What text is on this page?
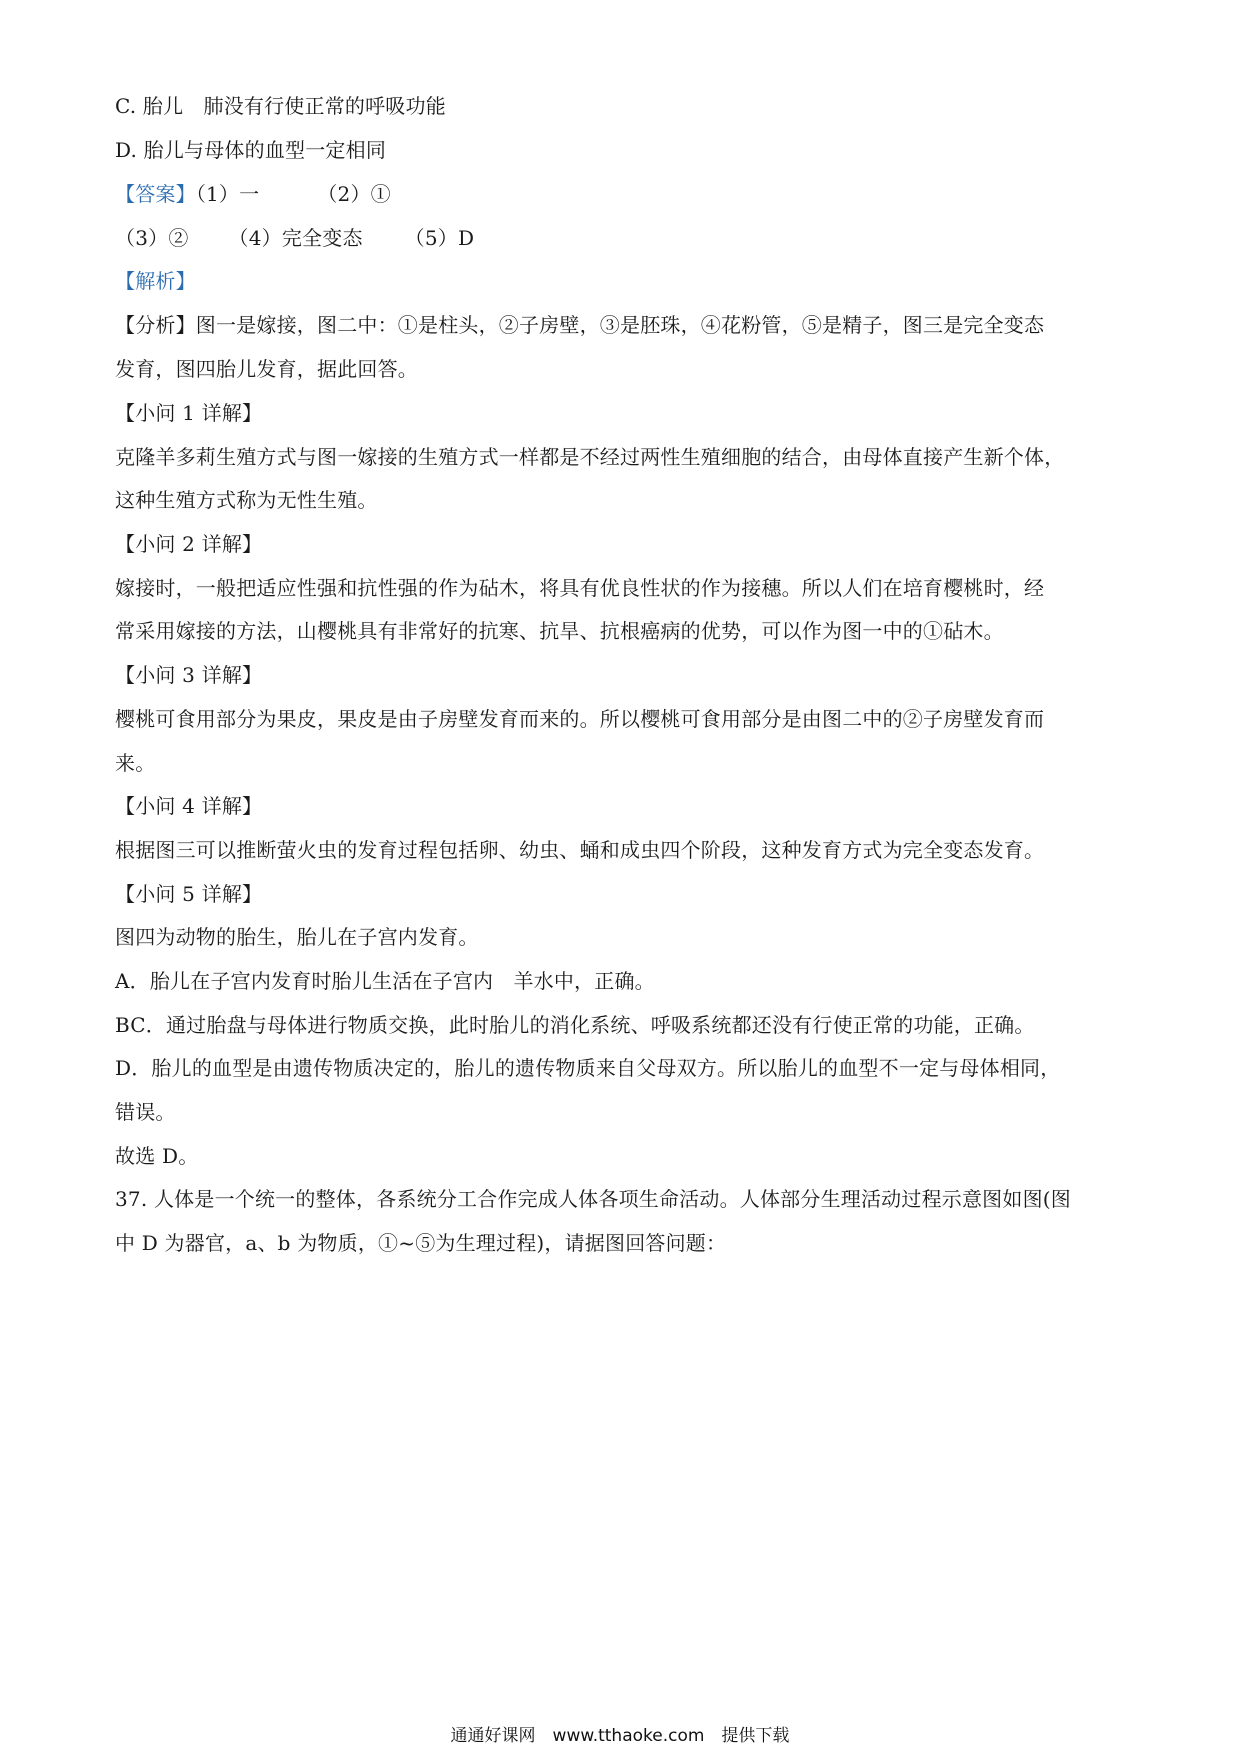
C. 胎儿　肺没有行使正常的呼吸功能
D. 胎儿与母体的血型一定相同
【答案】（1）一	（2）①
（3）② （4）完全变态 （5）D
【解析】
【分析】图一是嫁接，图二中：①是柱头，②子房壁，③是胚珠，④花粉管，⑤是精子，图三是完全变态
发育，图四胎儿发育，据此回答。
【小问 1 详解】
克隆羊多莉生殖方式与图一嫁接的生殖方式一样都是不经过两性生殖细胞的结合，由母体直接产生新个体，
这种生殖方式称为无性生殖。
【小问 2 详解】
嫁接时，一般把适应性强和抗性强的作为砧木，将具有优良性状的作为接穗。所以人们在培育樱桃时，经
常采用嫁接的方法，山樱桃具有非常好的抗寒、抗旱、抗根癌病的优势，可以作为图一中的①砧木。
【小问 3 详解】
樱桃可食用部分为果皮，果皮是由子房壁发育而来的。所以樱桃可食用部分是由图二中的②子房壁发育而
来。
【小问 4 详解】
根据图三可以推断萤火虫的发育过程包括卵、幼虫、蛹和成虫四个阶段，这种发育方式为完全变态发育。
【小问 5 详解】
图四为动物的胎生，胎儿在子宫内发育。
A．胎儿在子宫内发育时胎儿生活在子宫内　羊水中，正确。
BC．通过胎盘与母体进行物质交换，此时胎儿的消化系统、呼吸系统都还没有行使正常的功能，正确。
D．胎儿的血型是由遗传物质决定的，胎儿的遗传物质来自父母双方。所以胎儿的血型不一定与母体相同，
错误。
故选 D。
37. 人体是一个统一的整体，各系统分工合作完成人体各项生命活动。人体部分生理活动过程示意图如图(图
中 D 为器官，a、b 为物质，①~⑤为生理过程)，请据图回答问题：
通通好课网　www.tthaoke.com　提供下载
